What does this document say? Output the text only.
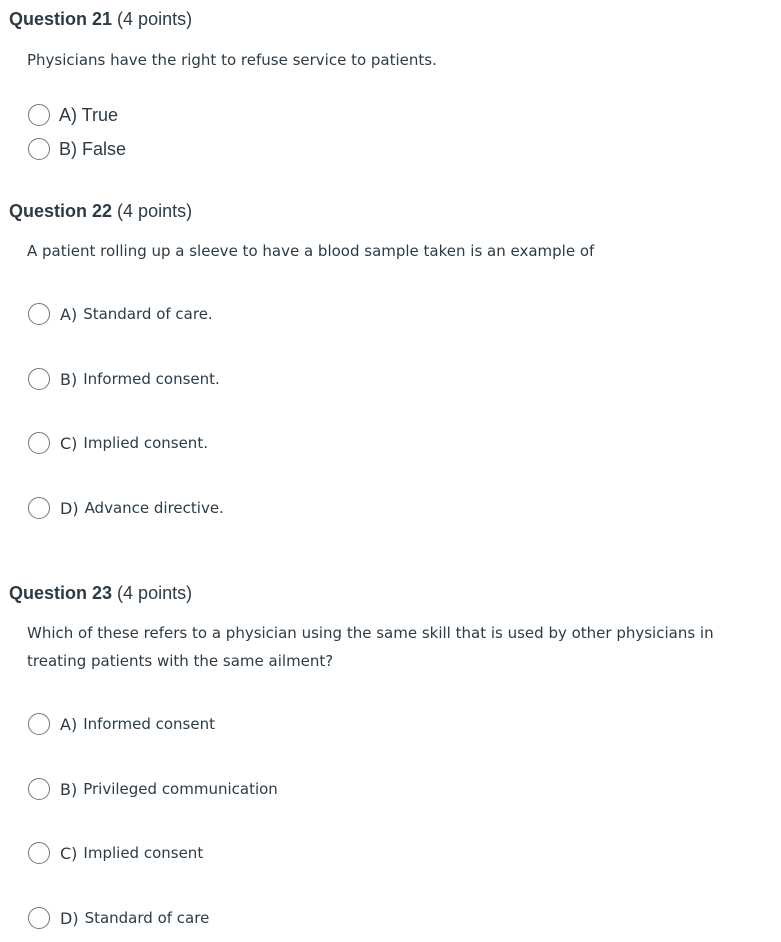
Question 21 (4 points)
Physicians have the right to refuse service to patients.
A) True
B) False
Question 22 (4 points)
A patient rolling up a sleeve to have a blood sample taken is an example of
A) Standard of care.
B) Informed consent.
C) Implied consent.
D) Advance directive.
Question 23 (4 points)
Which of these refers to a physician using the same skill that is used by other physicians in treating patients with the same ailment?
A) Informed consent
B) Privileged communication
C) Implied consent
D) Standard of care
